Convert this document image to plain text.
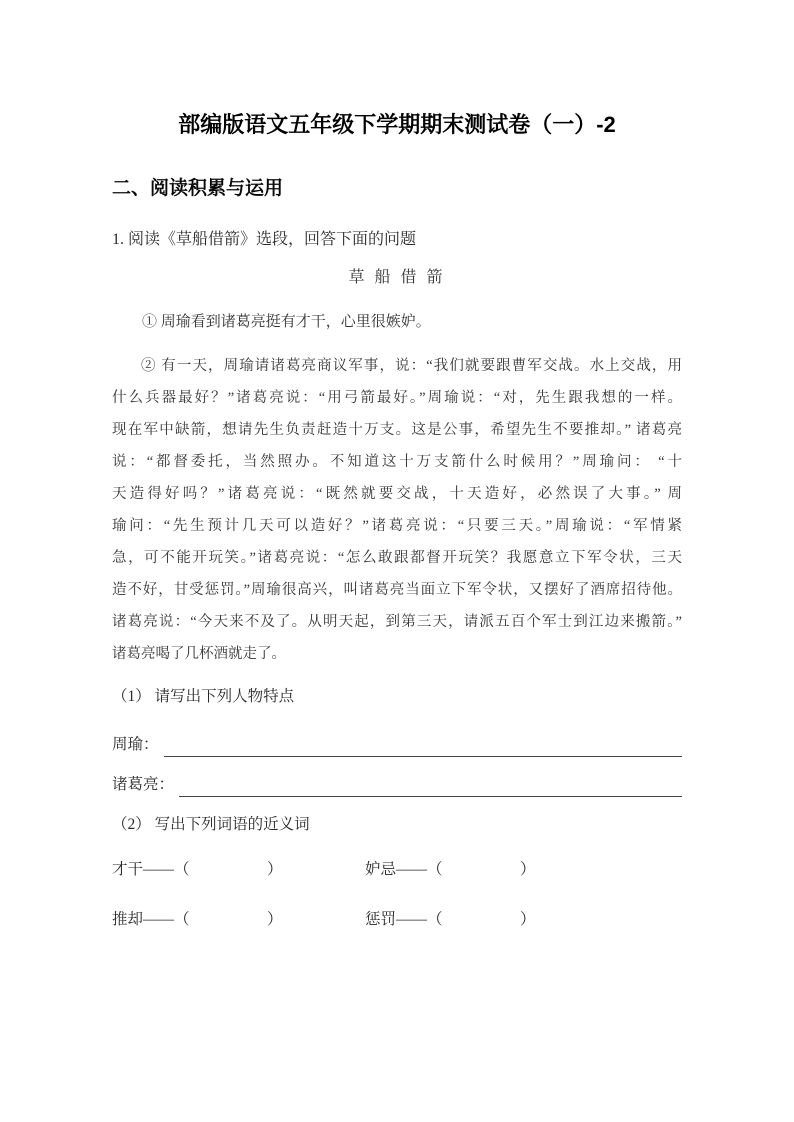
部编版语文五年级下学期期末测试卷（一）-2
二、阅读积累与运用

1. 阅读《草船借箭》选段，回答下面的问题

草 船 借 箭

① 周瑜看到诸葛亮挺有才干，心里很嫉妒。

② 有一天，周瑜请诸葛亮商议军事，说：“我们就要跟曹军交战。水上交战，用
什么兵器最好？”诸葛亮说：“用弓箭最好。”周瑜说：“对，先生跟我想的一样。
现在军中缺箭，想请先生负责赶造十万支。这是公事，希望先生不要推却。” 诸葛亮
说：“都督委托，当然照办。不知道这十万支箭什么时候用？”周瑜问： “十
天造得好吗？”诸葛亮说：“既然就要交战，十天造好，必然误了大事。” 周
瑜问：“先生预计几天可以造好？”诸葛亮说：“只要三天。”周瑜说：“军情紧
急，可不能开玩笑。”诸葛亮说：“怎么敢跟都督开玩笑？我愿意立下军令状，三天
造不好，甘受惩罚。”周瑜很高兴，叫诸葛亮当面立下军令状，又摆好了酒席招待他。
诸葛亮说：“今天来不及了。从明天起，到第三天，请派五百个军士到江边来搬箭。”
诸葛亮喝了几杯酒就走了。

（1） 请写出下列人物特点

周瑜：
诸葛亮：

（2） 写出下列词语的近义词

才干——（　　　　　）	妒忌——（　　　　　）
推却——（　　　　　）	惩罚——（　　　　　）
